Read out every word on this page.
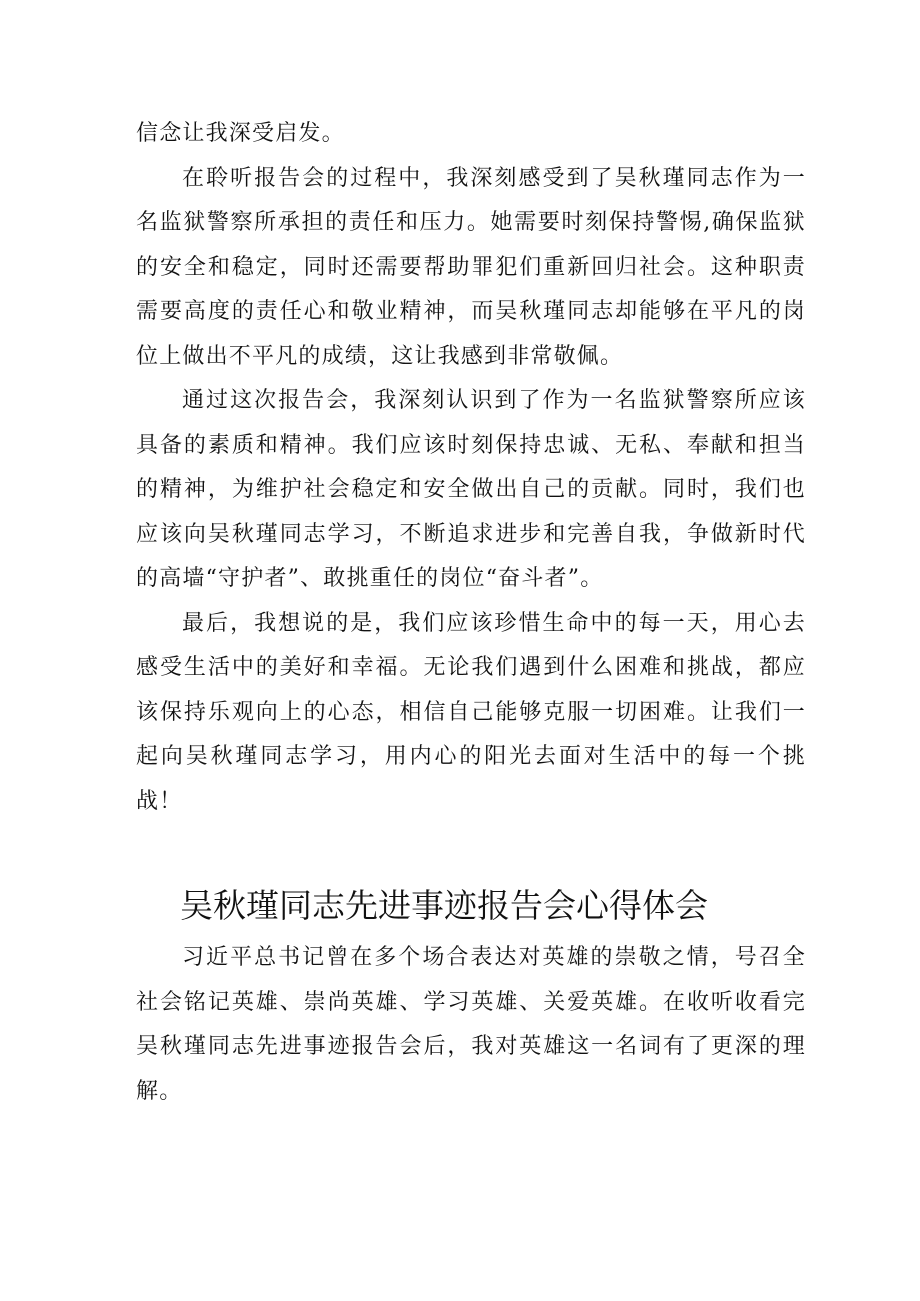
信念让我深受启发。

在聆听报告会的过程中，我深刻感受到了吴秋瑾同志作为一名监狱警察所承担的责任和压力。她需要时刻保持警惕,确保监狱的安全和稳定，同时还需要帮助罪犯们重新回归社会。这种职责需要高度的责任心和敬业精神，而吴秋瑾同志却能够在平凡的岗位上做出不平凡的成绩，这让我感到非常敬佩。

通过这次报告会，我深刻认识到了作为一名监狱警察所应该具备的素质和精神。我们应该时刻保持忠诚、无私、奉献和担当的精神，为维护社会稳定和安全做出自己的贡献。同时，我们也应该向吴秋瑾同志学习，不断追求进步和完善自我，争做新时代的高墙“守护者”、敢挑重任的岗位“奋斗者”。

最后，我想说的是，我们应该珍惜生命中的每一天，用心去感受生活中的美好和幸福。无论我们遇到什么困难和挑战，都应该保持乐观向上的心态，相信自己能够克服一切困难。让我们一起向吴秋瑾同志学习，用内心的阳光去面对生活中的每一个挑战！

吴秋瑾同志先进事迹报告会心得体会

习近平总书记曾在多个场合表达对英雄的崇敬之情，号召全社会铭记英雄、崇尚英雄、学习英雄、关爱英雄。在收听收看完吴秋瑾同志先进事迹报告会后，我对英雄这一名词有了更深的理解。
